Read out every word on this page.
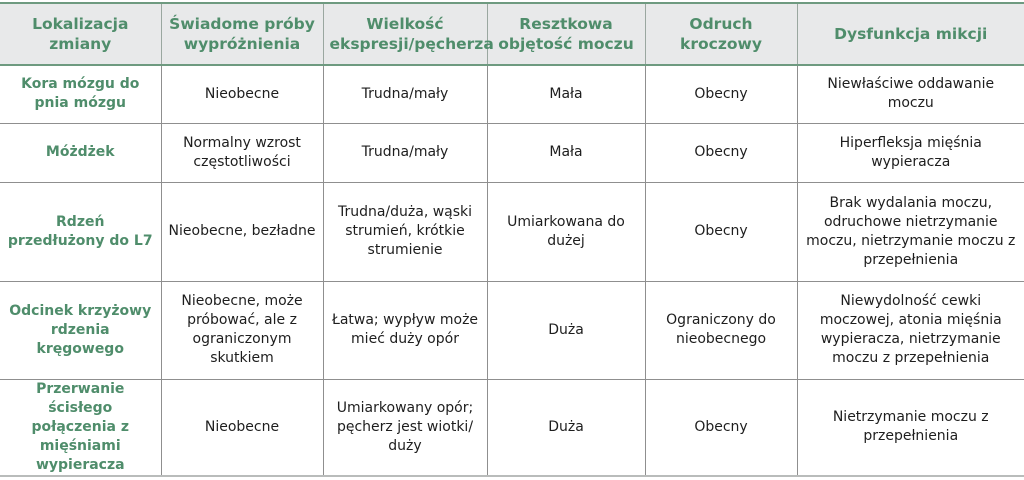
Lokalizacja zmiany	Świadome próby wypróżnienia	Wielkość ekspresji/pęcherza	Resztkowa objętość moczu	Odruch kroczowy	Dysfunkcja mikcji
Kora mózgu do pnia mózgu	Nieobecne	Trudna/mały	Mała	Obecny	Niewłaściwe oddawanie moczu
Móżdżek	Normalny wzrost częstotliwości	Trudna/mały	Mała	Obecny	Hiperfleksja mięśnia wypieracza
Rdzeń przedłużony do L7	Nieobecne, bezładne	Trudna/duża, wąski strumień, krótkie strumienie	Umiarkowana do dużej	Obecny	Brak wydalania moczu, odruchowe nietrzymanie moczu, nietrzymanie moczu z przepełnienia
Odcinek krzyżowy rdzenia kręgowego	Nieobecne, może próbować, ale z ograniczonym skutkiem	Łatwa; wypływ może mieć duży opór	Duża	Ograniczony do nieobecnego	Niewydolność cewki moczowej, atonia mięśnia wypieracza, nietrzymanie moczu z przepełnienia
Przerwanie ścisłego połączenia z mięśniami wypieracza	Nieobecne	Umiarkowany opór; pęcherz jest wiotki/ duży	Duża	Obecny	Nietrzymanie moczu z przepełnienia
